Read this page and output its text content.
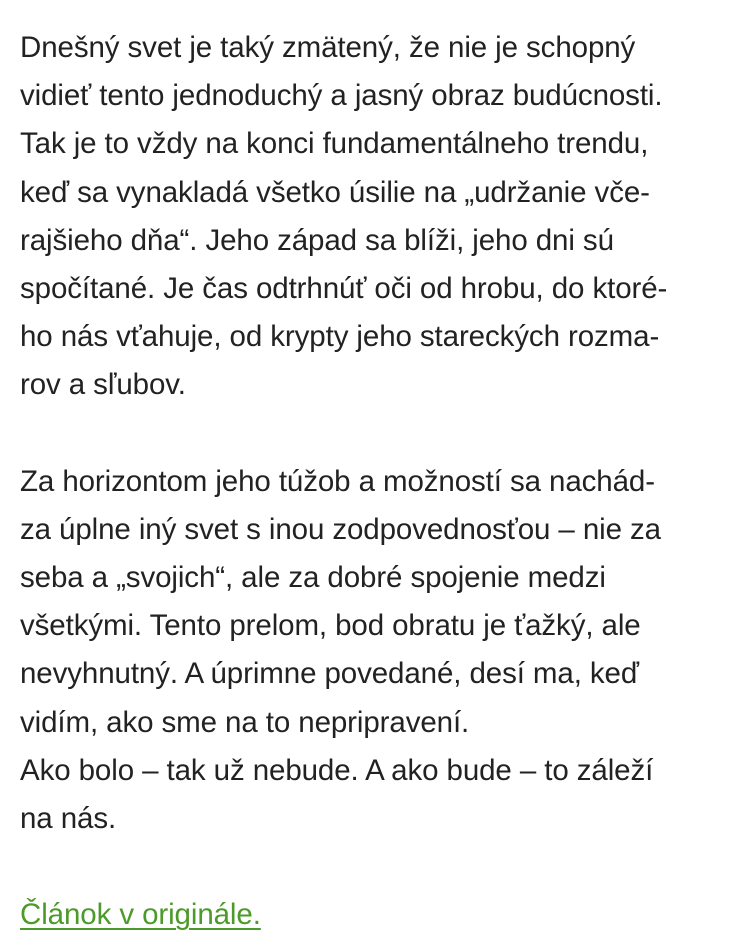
Dnešný svet je taký zmätený, že nie je schopný
vidieť tento jednoduchý a jasný obraz budúcnosti.
Tak je to vždy na konci fundamentálneho trendu,
keď sa vynakladá všetko úsilie na „udržanie vče-
rajšieho dňa“. Jeho západ sa blíži, jeho dni sú
spočítané. Je čas odtrhnúť oči od hrobu, do ktoré-
ho nás vťahuje, od krypty jeho stareckých rozma-
rov a sľubov.
Za horizontom jeho túžob a možností sa nachád-
za úplne iný svet s inou zodpovednosťou – nie za
seba a „svojich“, ale za dobré spojenie medzi
všetkými. Tento prelom, bod obratu je ťažký, ale
nevyhnutný. A úprimne povedané, desí ma, keď
vidím, ako sme na to nepripravení.
Ako bolo – tak už nebude. A ako bude – to záleží
na nás.
Článok v originále.
